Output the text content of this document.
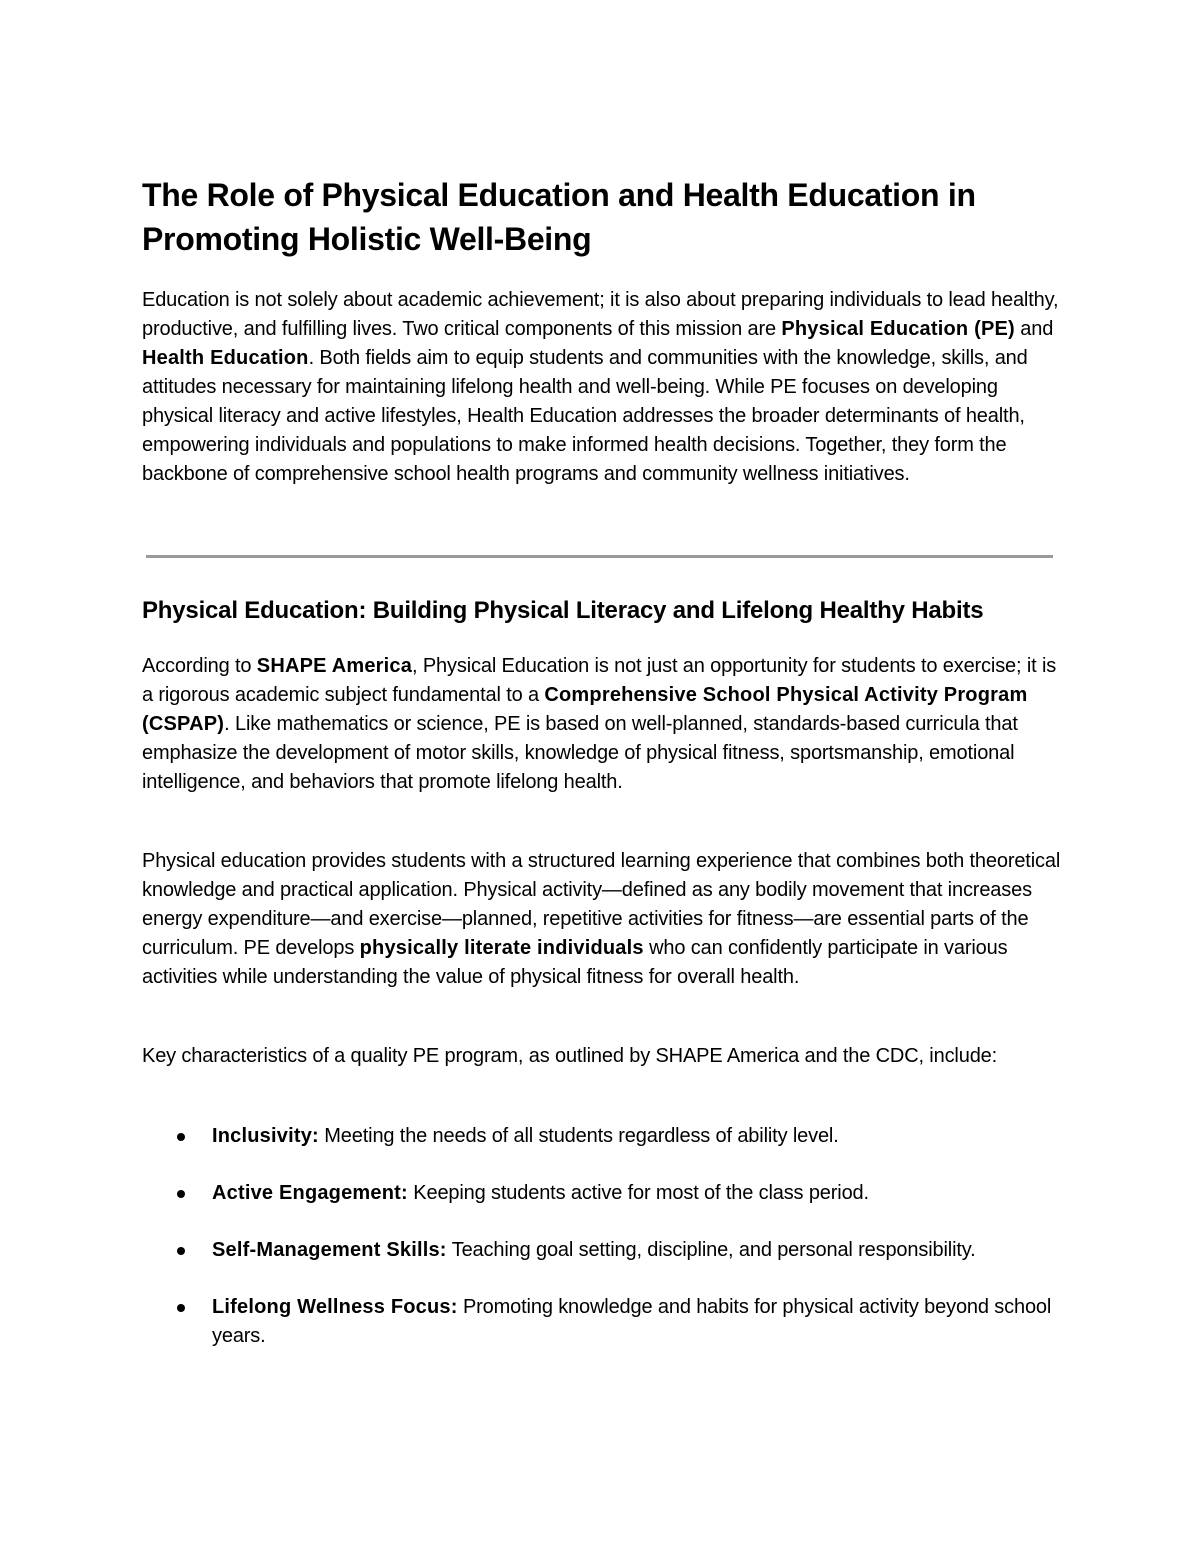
The Role of Physical Education and Health Education in Promoting Holistic Well-Being

Education is not solely about academic achievement; it is also about preparing individuals to lead healthy, productive, and fulfilling lives. Two critical components of this mission are Physical Education (PE) and Health Education. Both fields aim to equip students and communities with the knowledge, skills, and attitudes necessary for maintaining lifelong health and well-being. While PE focuses on developing physical literacy and active lifestyles, Health Education addresses the broader determinants of health, empowering individuals and populations to make informed health decisions. Together, they form the backbone of comprehensive school health programs and community wellness initiatives.

Physical Education: Building Physical Literacy and Lifelong Healthy Habits

According to SHAPE America, Physical Education is not just an opportunity for students to exercise; it is a rigorous academic subject fundamental to a Comprehensive School Physical Activity Program (CSPAP). Like mathematics or science, PE is based on well-planned, standards-based curricula that emphasize the development of motor skills, knowledge of physical fitness, sportsmanship, emotional intelligence, and behaviors that promote lifelong health.

Physical education provides students with a structured learning experience that combines both theoretical knowledge and practical application. Physical activity—defined as any bodily movement that increases energy expenditure—and exercise—planned, repetitive activities for fitness—are essential parts of the curriculum. PE develops physically literate individuals who can confidently participate in various activities while understanding the value of physical fitness for overall health.

Key characteristics of a quality PE program, as outlined by SHAPE America and the CDC, include:

Inclusivity: Meeting the needs of all students regardless of ability level.
Active Engagement: Keeping students active for most of the class period.
Self-Management Skills: Teaching goal setting, discipline, and personal responsibility.
Lifelong Wellness Focus: Promoting knowledge and habits for physical activity beyond school years.
